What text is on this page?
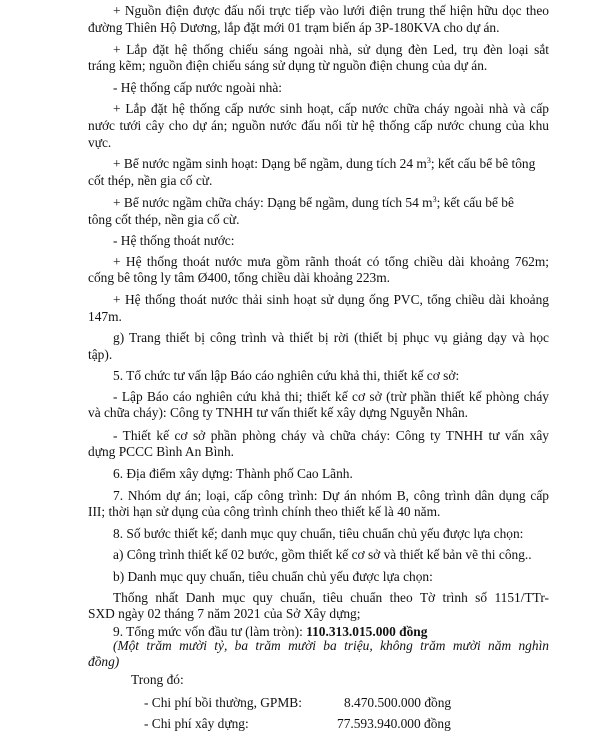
+ Nguồn điện được đấu nối trực tiếp vào lưới điện trung thế hiện hữu dọc theo
đường Thiên Hộ Dương, lắp đặt mới 01 trạm biến áp 3P-180KVA cho dự án.
+ Lắp đặt hệ thống chiếu sáng ngoài nhà, sử dụng đèn Led, trụ đèn loại sắt
tráng kẽm; nguồn điện chiếu sáng sử dụng từ nguồn điện chung của dự án.
- Hệ thống cấp nước ngoài nhà:
+ Lắp đặt hệ thống cấp nước sinh hoạt, cấp nước chữa cháy ngoài nhà và cấp
nước tưới cây cho dự án; nguồn nước đấu nối từ hệ thống cấp nước chung của khu
vực.
+ Bể nước ngầm sinh hoạt: Dạng bể ngầm, dung tích 24 $m^3$; kết cấu bể bê tông
cốt thép, nền gia cố cừ.
+ Bể nước ngầm chữa cháy: Dạng bể ngầm, dung tích 54 $m^3$; kết cấu bể bê
tông cốt thép, nền gia cố cừ.
- Hệ thống thoát nước:
+ Hệ thống thoát nước mưa gồm rãnh thoát có tổng chiều dài khoảng 762m;
cống bê tông ly tâm Ø400, tổng chiều dài khoảng 223m.
+ Hệ thống thoát nước thải sinh hoạt sử dụng ống PVC, tổng chiều dài khoảng
147m.
g) Trang thiết bị công trình và thiết bị rời (thiết bị phục vụ giảng dạy và học
tập).
5. Tổ chức tư vấn lập Báo cáo nghiên cứu khả thi, thiết kế cơ sở:
- Lập Báo cáo nghiên cứu khả thi; thiết kế cơ sở (trừ phần thiết kế phòng cháy
và chữa cháy): Công ty TNHH tư vấn thiết kế xây dựng Nguyễn Nhân.
- Thiết kế cơ sở phần phòng cháy và chữa cháy: Công ty TNHH tư vấn xây
dựng PCCC Bình An Bình.
6. Địa điểm xây dựng: Thành phố Cao Lãnh.
7. Nhóm dự án; loại, cấp công trình: Dự án nhóm B, công trình dân dụng cấp
III; thời hạn sử dụng của công trình chính theo thiết kế là 40 năm.
8. Số bước thiết kế; danh mục quy chuẩn, tiêu chuẩn chủ yếu được lựa chọn:
a) Công trình thiết kế 02 bước, gồm thiết kế cơ sở và thiết kế bản vẽ thi công..
b) Danh mục quy chuẩn, tiêu chuẩn chủ yếu được lựa chọn:
Thống nhất Danh mục quy chuẩn, tiêu chuẩn theo Tờ trình số 1151/TTr-
SXD ngày 02 tháng 7 năm 2021 của Sở Xây dựng;
9. Tổng mức vốn đầu tư (làm tròn): 110.313.015.000 đồng
(Một trăm mười tỷ, ba trăm mười ba triệu, không trăm mười năm nghìn
đồng)
Trong đó:
- Chi phí bồi thường, GPMB:	8.470.500.000 đồng
- Chi phí xây dựng:	77.593.940.000 đồng
